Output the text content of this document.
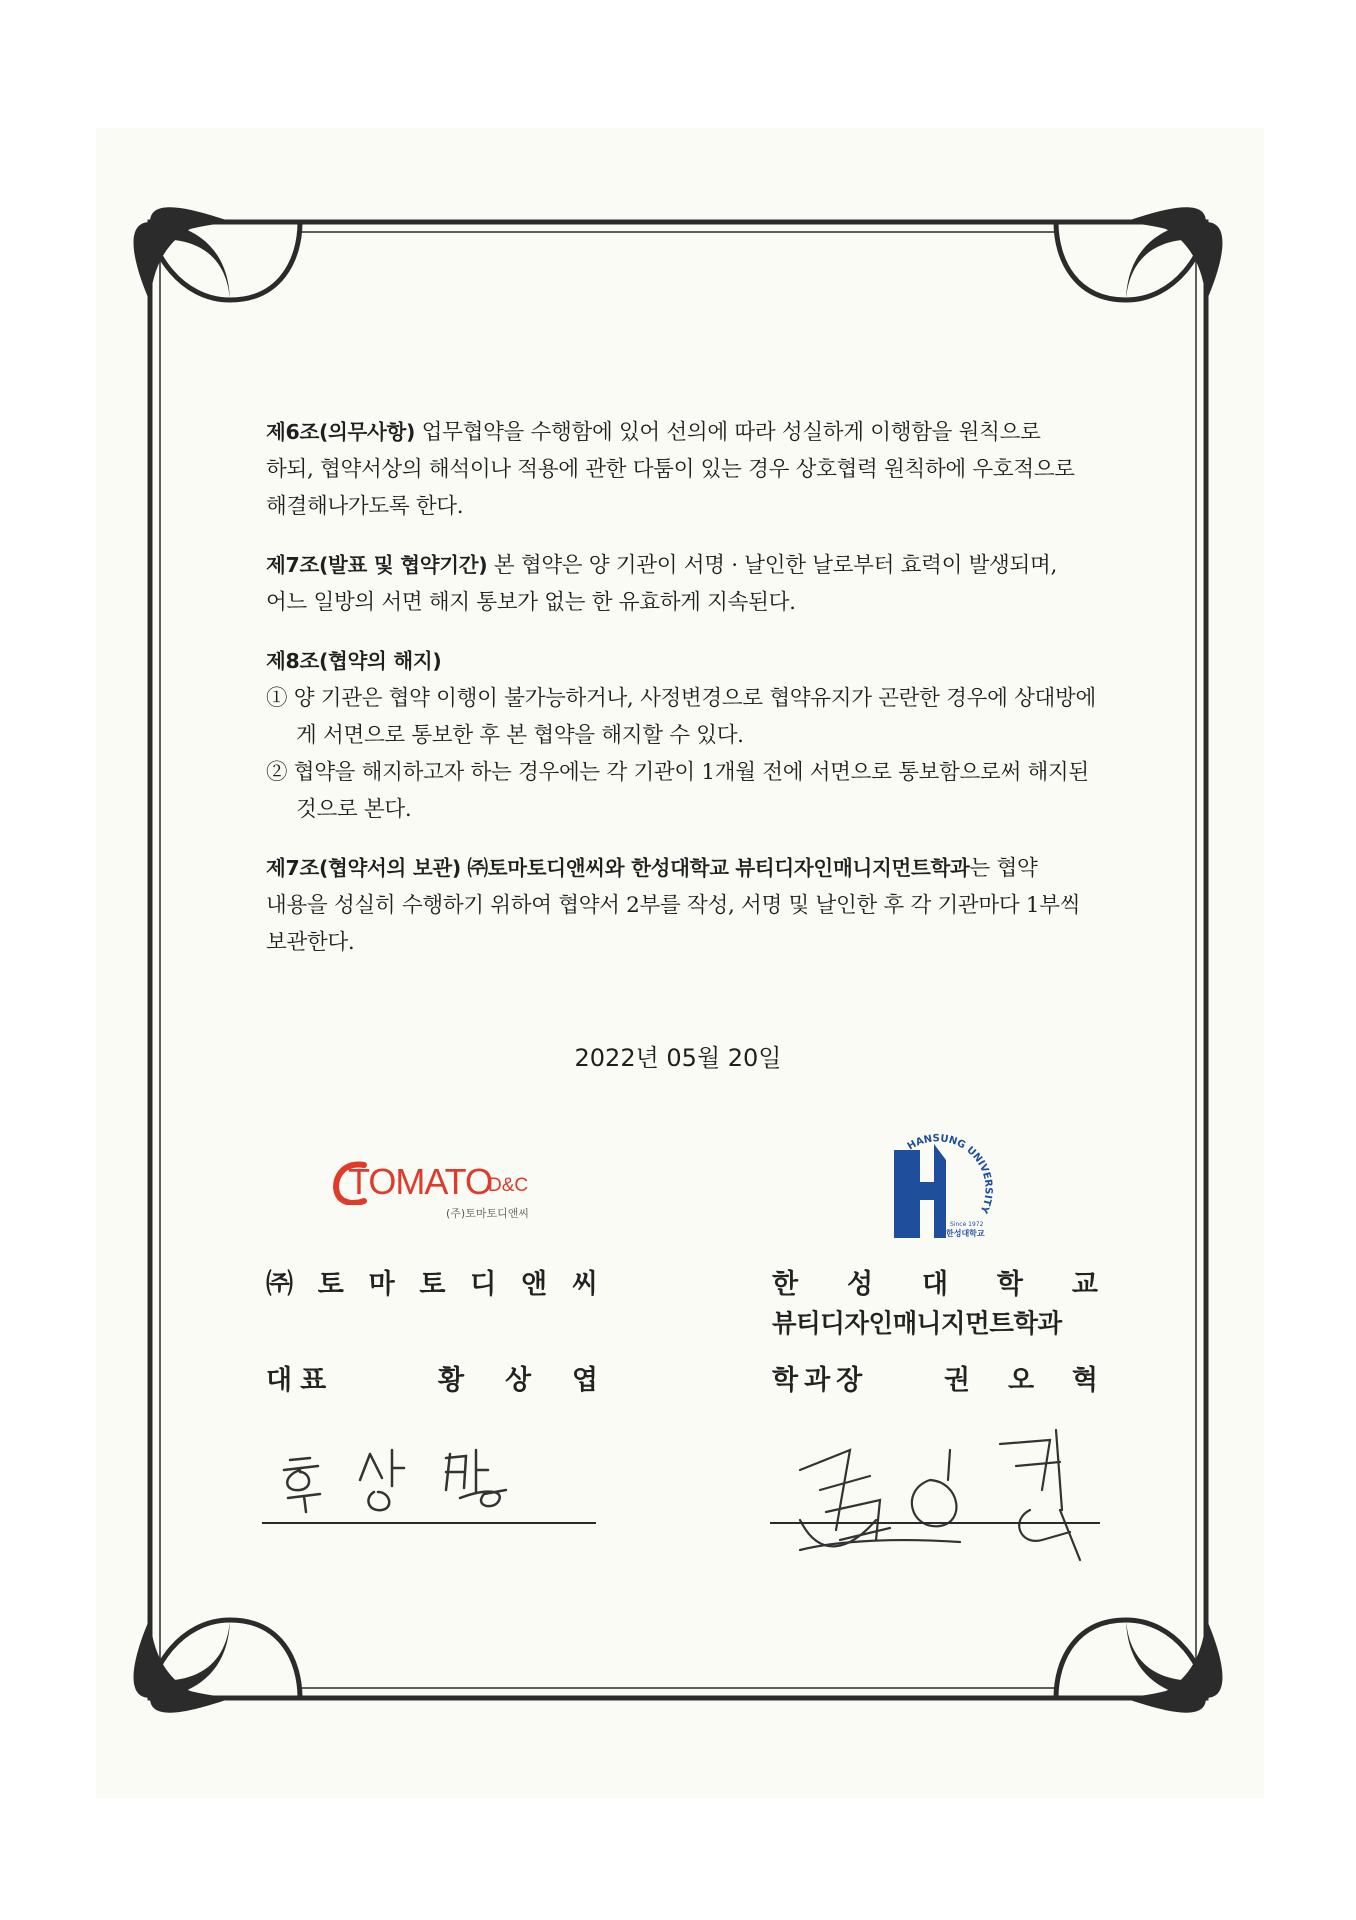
제6조(의무사항) 업무협약을 수행함에 있어 선의에 따라 성실하게 이행함을 원칙으로

하되, 협약서상의 해석이나 적용에 관한 다툼이 있는 경우 상호협력 원칙하에 우호적으로

해결해나가도록 한다.

제7조(발표 및 협약기간) 본 협약은 양 기관이 서명 · 날인한 날로부터 효력이 발생되며,

어느 일방의 서면 해지 통보가 없는 한 유효하게 지속된다.

제8조(협약의 해지)

① 양 기관은 협약 이행이 불가능하거나, 사정변경으로 협약유지가 곤란한 경우에 상대방에게 서면으로 통보한 후 본 협약을 해지할 수 있다.

② 협약을 해지하고자 하는 경우에는 각 기관이 1개월 전에 서면으로 통보함으로써 해지된 것으로 본다.

제7조(협약서의 보관) ㈜토마토디앤씨와 한성대학교 뷰티디자인매니지먼트학과는 협약

내용을 성실히 수행하기 위하여 협약서 2부를 작성, 서명 및 날인한 후 각 기관마다 1부씩

보관한다.

2022년 05월 20일
TOMATO
D&C
(주)토마토디앤씨
HANSUNG UNIVERSITY
Since 1972
한성대학교
㈜ 토 마 토 디 앤 씨
대표	황 상 엽
한 성 대 학 교
뷰티디자인매니지먼트학과
학과장	권 오 혁
